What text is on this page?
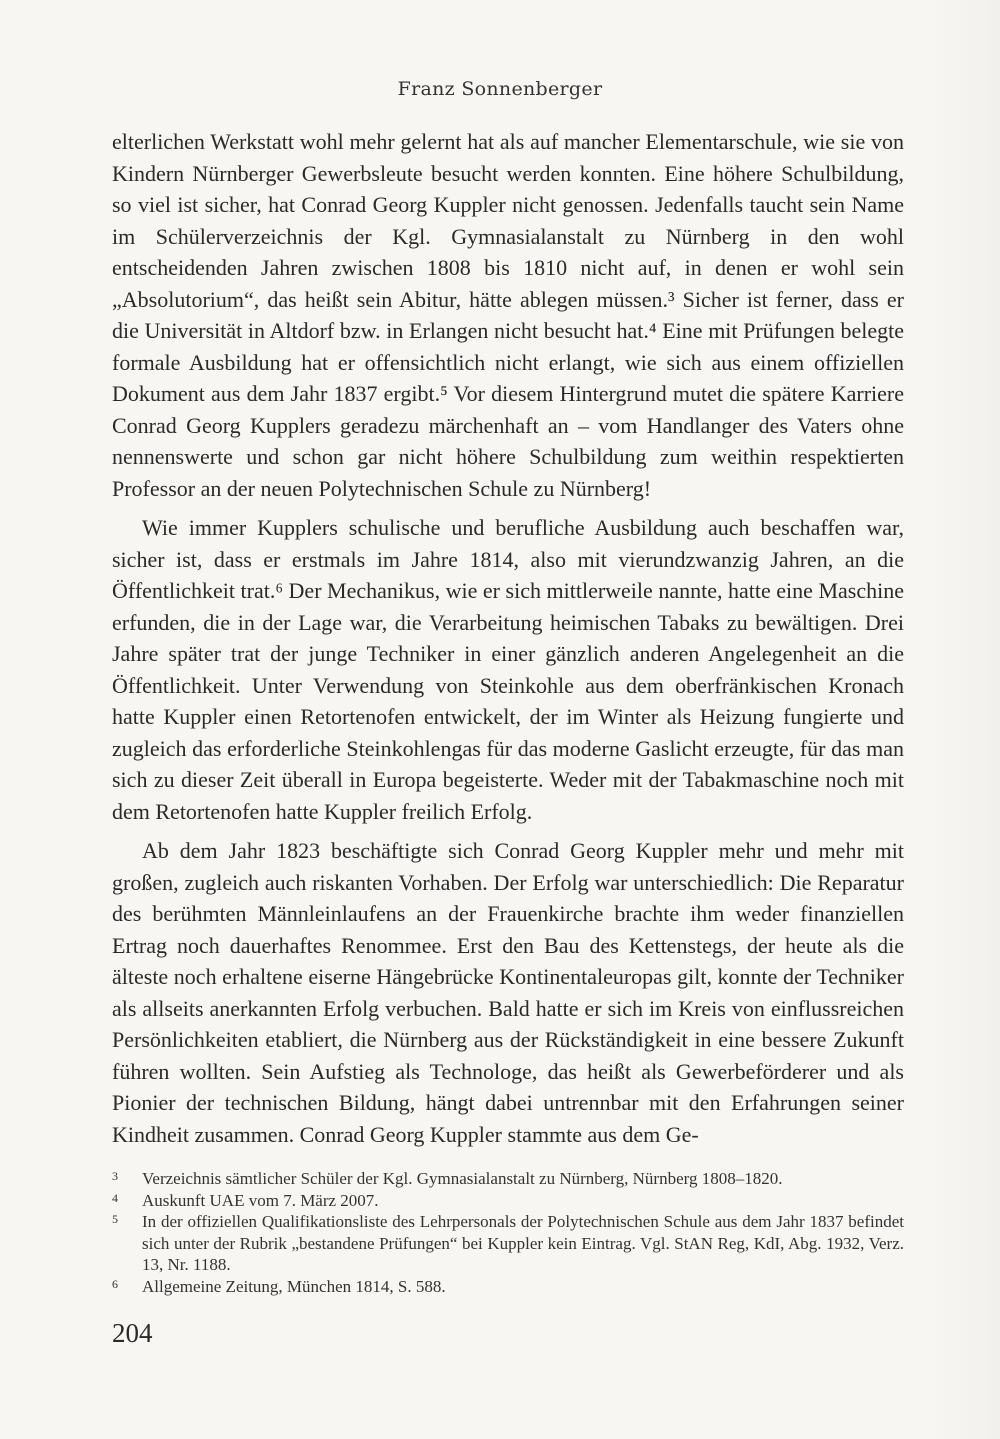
Franz Sonnenberger

elterlichen Werkstatt wohl mehr gelernt hat als auf mancher Elementarschule, wie sie von Kindern Nürnberger Gewerbsleute besucht werden konnten. Eine höhere Schulbildung, so viel ist sicher, hat Conrad Georg Kuppler nicht genossen. Jedenfalls taucht sein Name im Schülerverzeichnis der Kgl. Gymnasialanstalt zu Nürnberg in den wohl entscheidenden Jahren zwischen 1808 bis 1810 nicht auf, in denen er wohl sein „Absolutorium“, das heißt sein Abitur, hätte ablegen müssen.³ Sicher ist ferner, dass er die Universität in Altdorf bzw. in Erlangen nicht besucht hat.⁴ Eine mit Prüfungen belegte formale Ausbildung hat er offensichtlich nicht erlangt, wie sich aus einem offiziellen Dokument aus dem Jahr 1837 ergibt.⁵ Vor diesem Hintergrund mutet die spätere Karriere Conrad Georg Kupplers geradezu märchenhaft an – vom Handlanger des Vaters ohne nennenswerte und schon gar nicht höhere Schulbildung zum weithin respektierten Professor an der neuen Polytechnischen Schule zu Nürnberg!

Wie immer Kupplers schulische und berufliche Ausbildung auch beschaffen war, sicher ist, dass er erstmals im Jahre 1814, also mit vierundzwanzig Jahren, an die Öffentlichkeit trat.⁶ Der Mechanikus, wie er sich mittlerweile nannte, hatte eine Maschine erfunden, die in der Lage war, die Verarbeitung heimischen Tabaks zu bewältigen. Drei Jahre später trat der junge Techniker in einer gänzlich anderen Angelegenheit an die Öffentlichkeit. Unter Verwendung von Steinkohle aus dem oberfränkischen Kronach hatte Kuppler einen Retortenofen entwickelt, der im Winter als Heizung fungierte und zugleich das erforderliche Steinkohlengas für das moderne Gaslicht erzeugte, für das man sich zu dieser Zeit überall in Europa begeisterte. Weder mit der Tabakmaschine noch mit dem Retortenofen hatte Kuppler freilich Erfolg.

Ab dem Jahr 1823 beschäftigte sich Conrad Georg Kuppler mehr und mehr mit großen, zugleich auch riskanten Vorhaben. Der Erfolg war unterschiedlich: Die Reparatur des berühmten Männleinlaufens an der Frauenkirche brachte ihm weder finanziellen Ertrag noch dauerhaftes Renommee. Erst den Bau des Kettenstegs, der heute als die älteste noch erhaltene eiserne Hängebrücke Kontinentaleuropas gilt, konnte der Techniker als allseits anerkannten Erfolg verbuchen. Bald hatte er sich im Kreis von einflussreichen Persönlichkeiten etabliert, die Nürnberg aus der Rückständigkeit in eine bessere Zukunft führen wollten. Sein Aufstieg als Technologe, das heißt als Gewerbeförderer und als Pionier der technischen Bildung, hängt dabei untrennbar mit den Erfahrungen seiner Kindheit zusammen. Conrad Georg Kuppler stammte aus dem Ge-

3	Verzeichnis sämtlicher Schüler der Kgl. Gymnasialanstalt zu Nürnberg, Nürnberg 1808–1820.
4	Auskunft UAE vom 7. März 2007.
5	In der offiziellen Qualifikationsliste des Lehrpersonals der Polytechnischen Schule aus dem Jahr 1837 befindet sich unter der Rubrik „bestandene Prüfungen“ bei Kuppler kein Eintrag. Vgl. StAN Reg, KdI, Abg. 1932, Verz. 13, Nr. 1188.
6	Allgemeine Zeitung, München 1814, S. 588.
204
